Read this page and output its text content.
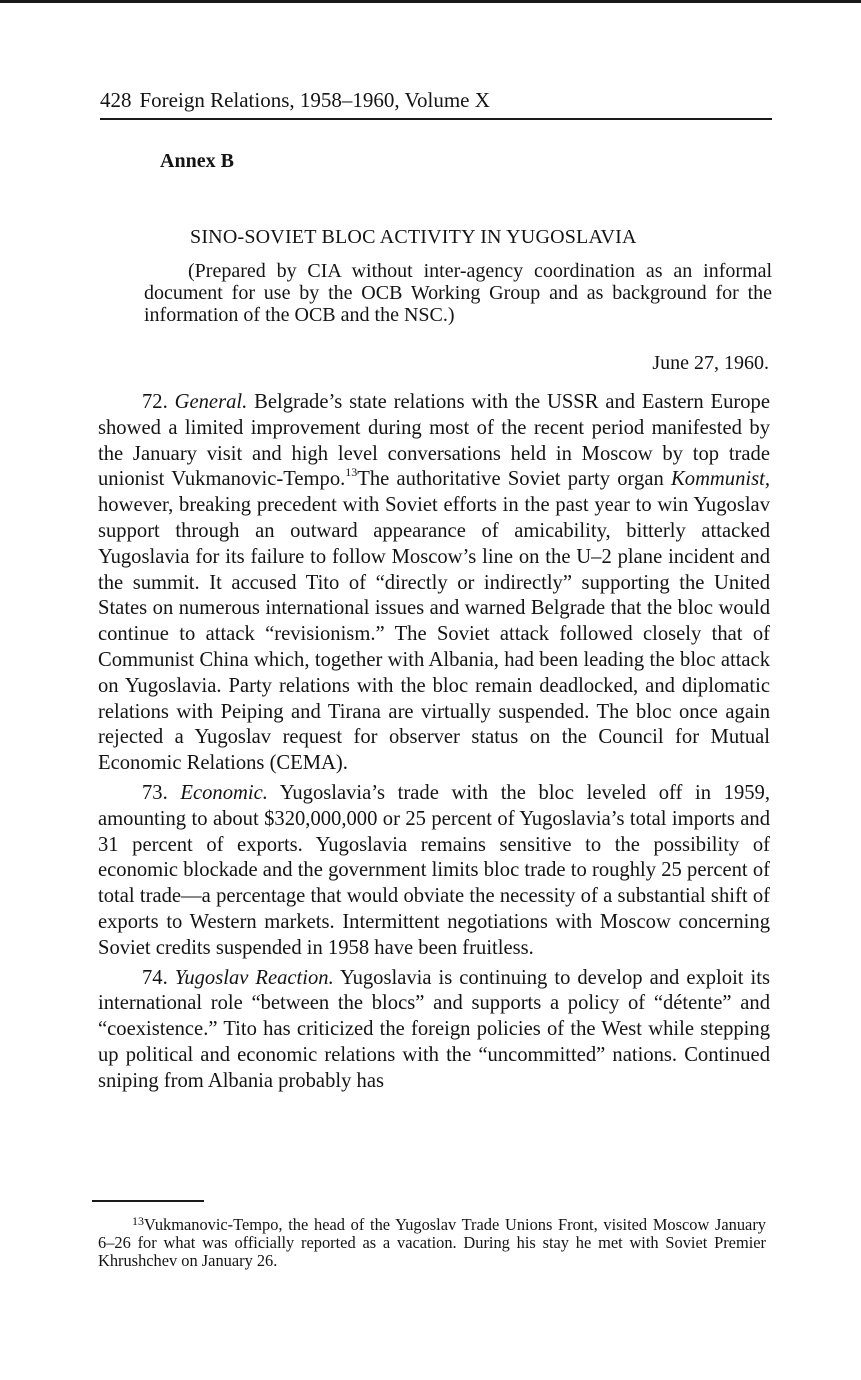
428 Foreign Relations, 1958–1960, Volume X
Annex B
SINO-SOVIET BLOC ACTIVITY IN YUGOSLAVIA
(Prepared by CIA without inter-agency coordination as an informal document for use by the OCB Working Group and as background for the information of the OCB and the NSC.)
June 27, 1960.

72. General. Belgrade’s state relations with the USSR and Eastern Europe showed a limited improvement during most of the recent period manifested by the January visit and high level conversations held in Moscow by top trade unionist Vukmanovic-Tempo.$^{13}$The authoritative Soviet party organ Kommunist, however, breaking precedent with Soviet efforts in the past year to win Yugoslav support through an outward appearance of amicability, bitterly attacked Yugoslavia for its failure to follow Moscow’s line on the U–2 plane incident and the summit. It accused Tito of “directly or indirectly” supporting the United States on numerous international issues and warned Belgrade that the bloc would continue to attack “revisionism.” The Soviet attack followed closely that of Communist China which, together with Albania, had been leading the bloc attack on Yugoslavia. Party relations with the bloc remain deadlocked, and diplomatic relations with Peiping and Tirana are virtually suspended. The bloc once again rejected a Yugoslav request for observer status on the Council for Mutual Economic Relations (CEMA).

73. Economic. Yugoslavia’s trade with the bloc leveled off in 1959, amounting to about $320,000,000 or 25 percent of Yugoslavia’s total imports and 31 percent of exports. Yugoslavia remains sensitive to the possibility of economic blockade and the government limits bloc trade to roughly 25 percent of total trade—a percentage that would obviate the necessity of a substantial shift of exports to Western markets. Intermittent negotiations with Moscow concerning Soviet credits suspended in 1958 have been fruitless.

74. Yugoslav Reaction. Yugoslavia is continuing to develop and exploit its international role “between the blocs” and supports a policy of “détente” and “coexistence.” Tito has criticized the foreign policies of the West while stepping up political and economic relations with the “uncommitted” nations. Continued sniping from Albania probably has

$^{13}$Vukmanovic-Tempo, the head of the Yugoslav Trade Unions Front, visited Moscow January 6–26 for what was officially reported as a vacation. During his stay he met with Soviet Premier Khrushchev on January 26.
